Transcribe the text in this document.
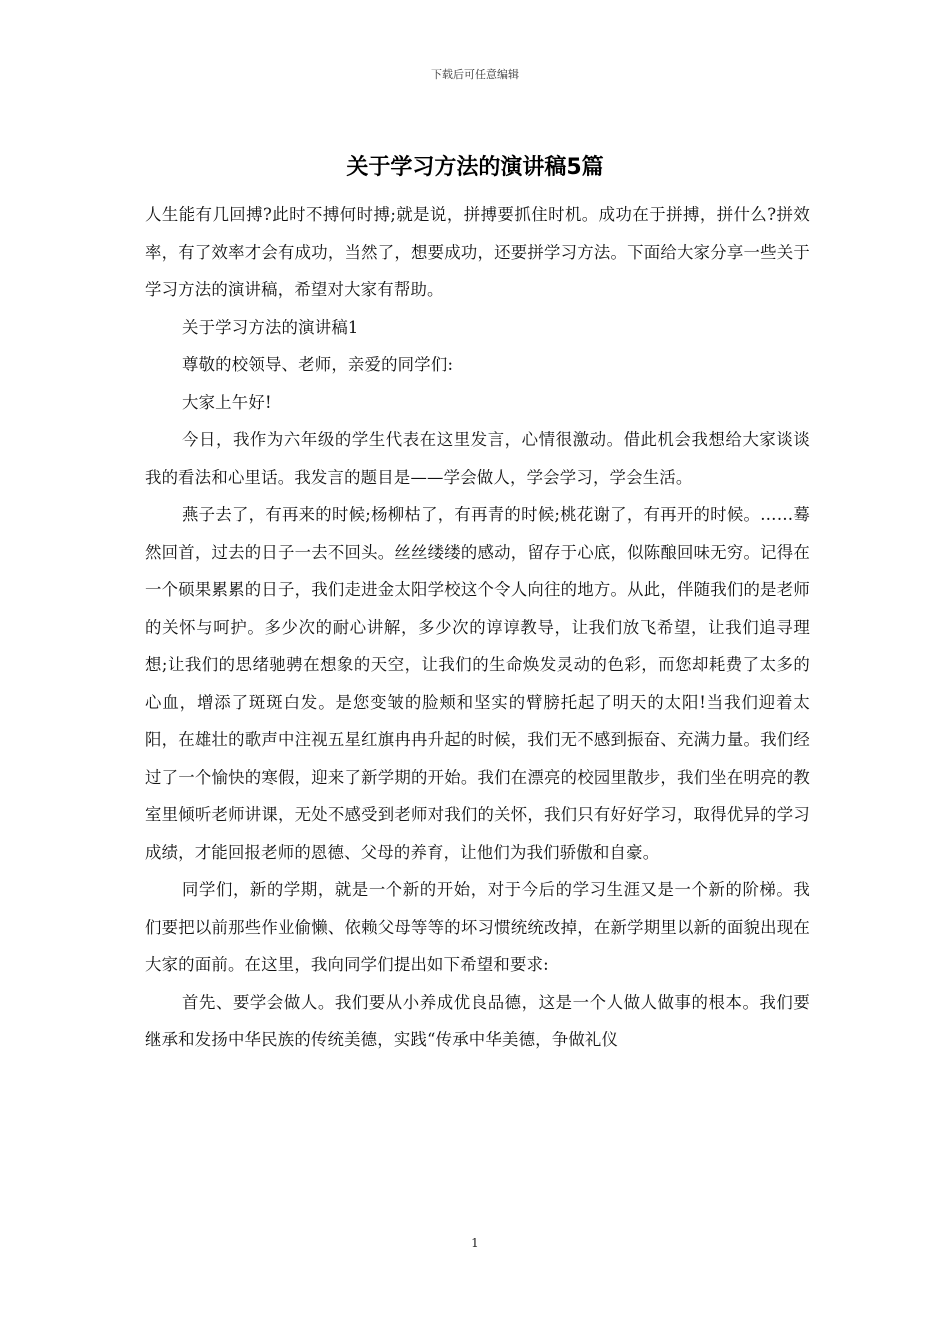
下载后可任意编辑
关于学习方法的演讲稿5篇

人生能有几回搏?此时不搏何时搏;就是说，拼搏要抓住时机。成功在于拼搏，拼什么?拼效率，有了效率才会有成功，当然了，想要成功，还要拼学习方法。下面给大家分享一些关于学习方法的演讲稿，希望对大家有帮助。

关于学习方法的演讲稿1

尊敬的校领导、老师，亲爱的同学们:

大家上午好!

今日，我作为六年级的学生代表在这里发言，心情很激动。借此机会我想给大家谈谈我的看法和心里话。我发言的题目是——学会做人，学会学习，学会生活。

燕子去了，有再来的时候;杨柳枯了，有再青的时候;桃花谢了，有再开的时候。……蓦然回首，过去的日子一去不回头。丝丝缕缕的感动，留存于心底，似陈酿回味无穷。记得在一个硕果累累的日子，我们走进金太阳学校这个令人向往的地方。从此，伴随我们的是老师的关怀与呵护。多少次的耐心讲解，多少次的谆谆教导，让我们放飞希望，让我们追寻理想;让我们的思绪驰骋在想象的天空，让我们的生命焕发灵动的色彩，而您却耗费了太多的心血，增添了斑斑白发。是您变皱的脸颊和坚实的臂膀托起了明天的太阳!当我们迎着太阳，在雄壮的歌声中注视五星红旗冉冉升起的时候，我们无不感到振奋、充满力量。我们经过了一个愉快的寒假，迎来了新学期的开始。我们在漂亮的校园里散步，我们坐在明亮的教室里倾听老师讲课，无处不感受到老师对我们的关怀，我们只有好好学习，取得优异的学习成绩，才能回报老师的恩德、父母的养育，让他们为我们骄傲和自豪。

同学们，新的学期，就是一个新的开始，对于今后的学习生涯又是一个新的阶梯。我们要把以前那些作业偷懒、依赖父母等等的坏习惯统统改掉，在新学期里以新的面貌出现在大家的面前。在这里，我向同学们提出如下希望和要求:

首先、要学会做人。我们要从小养成优良品德，这是一个人做人做事的根本。我们要继承和发扬中华民族的传统美德，实践“传承中华美德，争做礼仪

1
